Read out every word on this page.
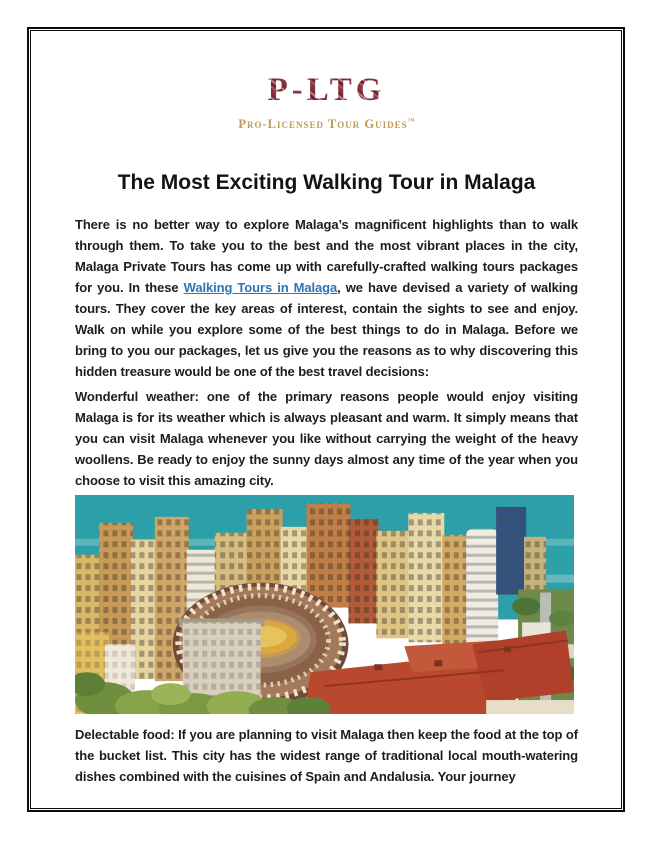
P-LTG
Pro-Licensed Tour Guides™
The Most Exciting Walking Tour in Malaga

There is no better way to explore Malaga’s magnificent highlights than to walk through them. To take you to the best and the most vibrant places in the city, Malaga Private Tours has come up with carefully-crafted walking tours packages for you. In these Walking Tours in Malaga, we have devised a variety of walking tours. They cover the key areas of interest, contain the sights to see and enjoy. Walk on while you explore some of the best things to do in Malaga. Before we bring to you our packages, let us give you the reasons as to why discovering this hidden treasure would be one of the best travel decisions:

Wonderful weather: one of the primary reasons people would enjoy visiting Malaga is for its weather which is always pleasant and warm. It simply means that you can visit Malaga whenever you like without carrying the weight of the heavy woollens. Be ready to enjoy the sunny days almost any time of the year when you choose to visit this amazing city.

Delectable food: If you are planning to visit Malaga then keep the food at the top of the bucket list. This city has the widest range of traditional local mouth-watering dishes combined with the cuisines of Spain and Andalusia. Your journey
